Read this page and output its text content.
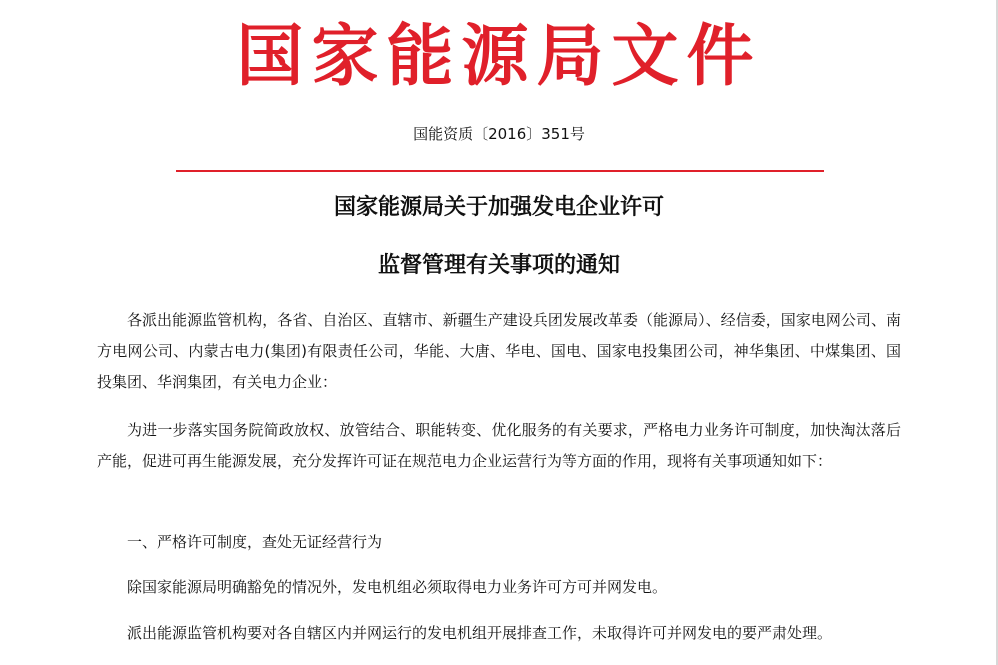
国家能源局文件
国能资质〔2016〕351号
国家能源局关于加强发电企业许可
监督管理有关事项的通知
各派出能源监管机构，各省、自治区、直辖市、新疆生产建设兵团发展改革委（能源局）、经信委，国家电网公司、南方电网公司、内蒙古电力(集团)有限责任公司，华能、大唐、华电、国电、国家电投集团公司，神华集团、中煤集团、国投集团、华润集团，有关电力企业：
为进一步落实国务院简政放权、放管结合、职能转变、优化服务的有关要求，严格电力业务许可制度，加快淘汰落后产能，促进可再生能源发展，充分发挥许可证在规范电力企业运营行为等方面的作用，现将有关事项通知如下：
一、严格许可制度，查处无证经营行为
除国家能源局明确豁免的情况外，发电机组必须取得电力业务许可方可并网发电。
派出能源监管机构要对各自辖区内并网运行的发电机组开展排查工作，未取得许可并网发电的要严肃处理。
